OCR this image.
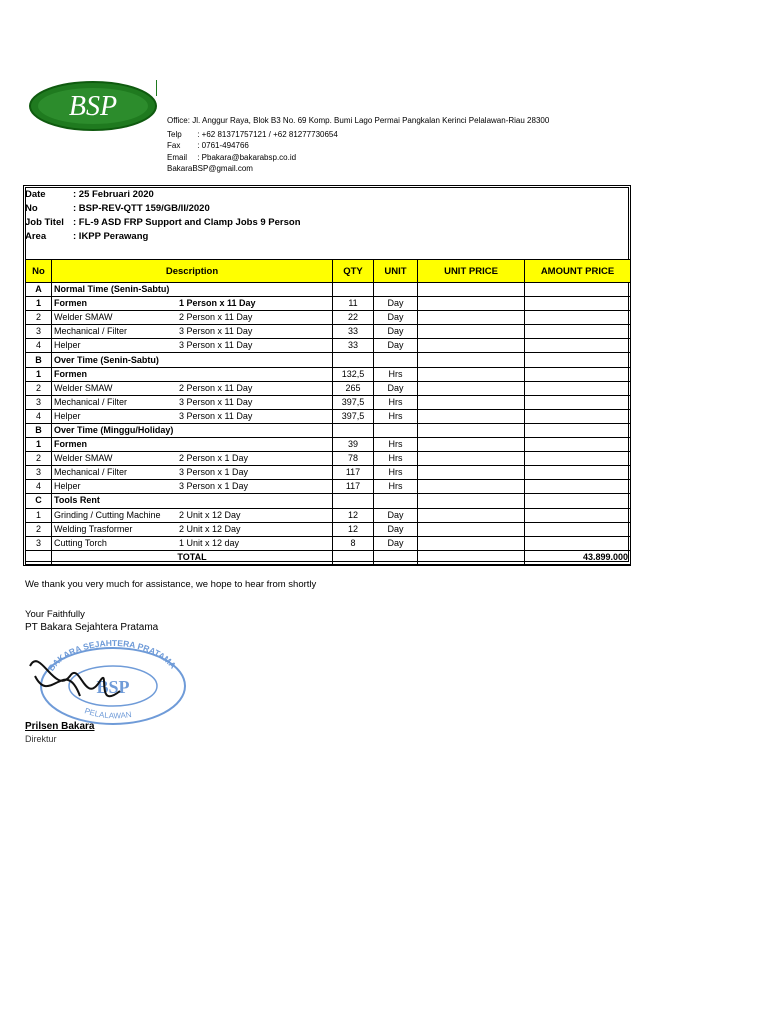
BSP	Office: Jl. Anggur Raya, Blok B3 No. 69 Komp. Bumi Lago Permai Pangkalan Kerinci Pelalawan-Riau 28300
Telp : +62 81371757121 / +62 81277730654
Fax : 0761-494766
Email : Pbakara@bakarabsp.co.id
BakaraBSP@gmail.com
Date	: 25 Februari 2020
No	: BSP-REV-QTT 159/GB/II/2020
Job Titel : FL-9 ASD FRP Support and Clamp Jobs 9 Person
Area	: IKPP Perawang
No	Description	QTY	UNIT	UNIT PRICE	AMOUNT PRICE
A	Normal Time (Senin-Sabtu)				
1	Formen 1 Person x 11 Day	11	Day		
2	Welder SMAW 2 Person x 11 Day	22	Day		
3	Mechanical / Filter 3 Person x 11 Day	33	Day		
4	Helper 3 Person x 11 Day	33	Day		
B	Over Time (Senin-Sabtu)				
1	Formen	132,5	Hrs		
2	Welder SMAW 2 Person x 11 Day	265	Day		
3	Mechanical / Filter 3 Person x 11 Day	397,5	Hrs		
4	Helper 3 Person x 11 Day	397,5	Hrs		
B	Over Time (Minggu/Holiday)				
1	Formen	39	Hrs		
2	Welder SMAW 2 Person x 1 Day	78	Hrs		
3	Mechanical / Filter 3 Person x 1 Day	117	Hrs		
4	Helper 3 Person x 1 Day	117	Hrs		
C	Tools Rent				
1	Grinding / Cutting Machine 2 Unit x 12 Day	12	Day		
2	Welding Trasformer 2 Unit x 12 Day	12	Day		
3	Cutting Torch 1 Unit x 12 day	8	Day		
	TOTAL				43.899.000
We thank you very much for assistance, we hope to hear from shortly
Your Faithfully
PT Bakara Sejahtera Pratama
BAKARA SEJAHTERA PRATAMA
BSP
PELALAWAN
Prilsen Bakara
Direktur
